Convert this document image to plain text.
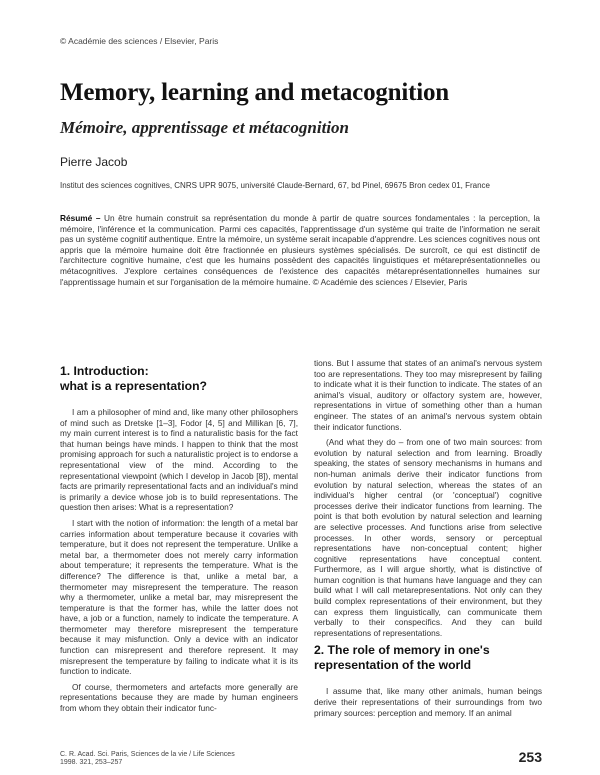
© Académie des sciences / Elsevier, Paris
Memory, learning and metacognition
Mémoire, apprentissage et métacognition
Pierre Jacob
Institut des sciences cognitives, CNRS UPR 9075, université Claude-Bernard, 67, bd Pinel, 69675 Bron cedex 01, France

Résumé – Un être humain construit sa représentation du monde à partir de quatre sources fondamentales : la perception, la mémoire, l'inférence et la communication. Parmi ces capacités, l'apprentissage d'un système qui traite de l'information ne serait pas un système cognitif authentique. Entre la mémoire, un système serait incapable d'apprendre. Les sciences cognitives nous ont appris que la mémoire humaine doit être fractionnée en plusieurs systèmes spécialisés. De surcroît, ce qui est distinctif de l'architecture cognitive humaine, c'est que les humains possèdent des capacités linguistiques et métareprésentationnelles ou métacognitives. J'explore certaines conséquences de l'existence des capacités métareprésentationnelles humaines sur l'apprentissage humain et sur l'organisation de la mémoire humaine. © Académie des sciences / Elsevier, Paris

1. Introduction:
what is a representation?

I am a philosopher of mind and, like many other philosophers of mind such as Dretske [1–3], Fodor [4, 5] and Millikan [6, 7], my main current interest is to find a naturalistic basis for the fact that human beings have minds. I happen to think that the most promising approach for such a naturalistic project is to endorse a representational view of the mind. According to the representational viewpoint (which I develop in Jacob [8]), mental facts are primarily representational facts and an individual's mind is primarily a device whose job is to build representations. The question then arises: What is a representation?

I start with the notion of information: the length of a metal bar carries information about temperature because it covaries with temperature, but it does not represent the temperature. Unlike a metal bar, a thermometer does not merely carry information about temperature; it represents the temperature. What is the difference? The difference is that, unlike a metal bar, a thermometer may misrepresent the temperature. The reason why a thermometer, unlike a metal bar, may misrepresent the temperature is that the former has, while the latter does not have, a job or a function, namely to indicate the temperature. A thermometer may therefore misrepresent the temperature because it may misfunction. Only a device with an indicator function can misrepresent and therefore represent. It may misrepresent the temperature by failing to indicate what it is its function to indicate.

Of course, thermometers and artefacts more generally are representations because they are made by human engineers from whom they obtain their indicator func-

tions. But I assume that states of an animal's nervous system too are representations. They too may misrepresent by failing to indicate what it is their function to indicate. The states of an animal's visual, auditory or olfactory system are, however, representations in virtue of something other than a human engineer. The states of an animal's nervous system obtain their indicator functions.

(And what they do – from one of two main sources: from evolution by natural selection and from learning. Broadly speaking, the states of sensory mechanisms in humans and non-human animals derive their indicator functions from evolution by natural selection, whereas the states of an individual's higher central (or 'conceptual') cognitive processes derive their indicator functions from learning. The point is that both evolution by natural selection and learning are selective processes. And functions arise from selective processes. In other words, sensory or perceptual representations have non-conceptual content; higher cognitive representations have conceptual content. Furthermore, as I will argue shortly, what is distinctive of human cognition is that humans have language and they can build what I will call metarepresentations. Not only can they build complex representations of their environment, but they can express them linguistically, can communicate them verbally to their conspecifics. And they can build representations of representations.

2. The role of memory in one's
representation of the world

I assume that, like many other animals, human beings derive their representations of their surroundings from two primary sources: perception and memory. If an animal

C. R. Acad. Sci. Paris, Sciences de la vie / Life Sciences
1998. 321, 253–257	253
